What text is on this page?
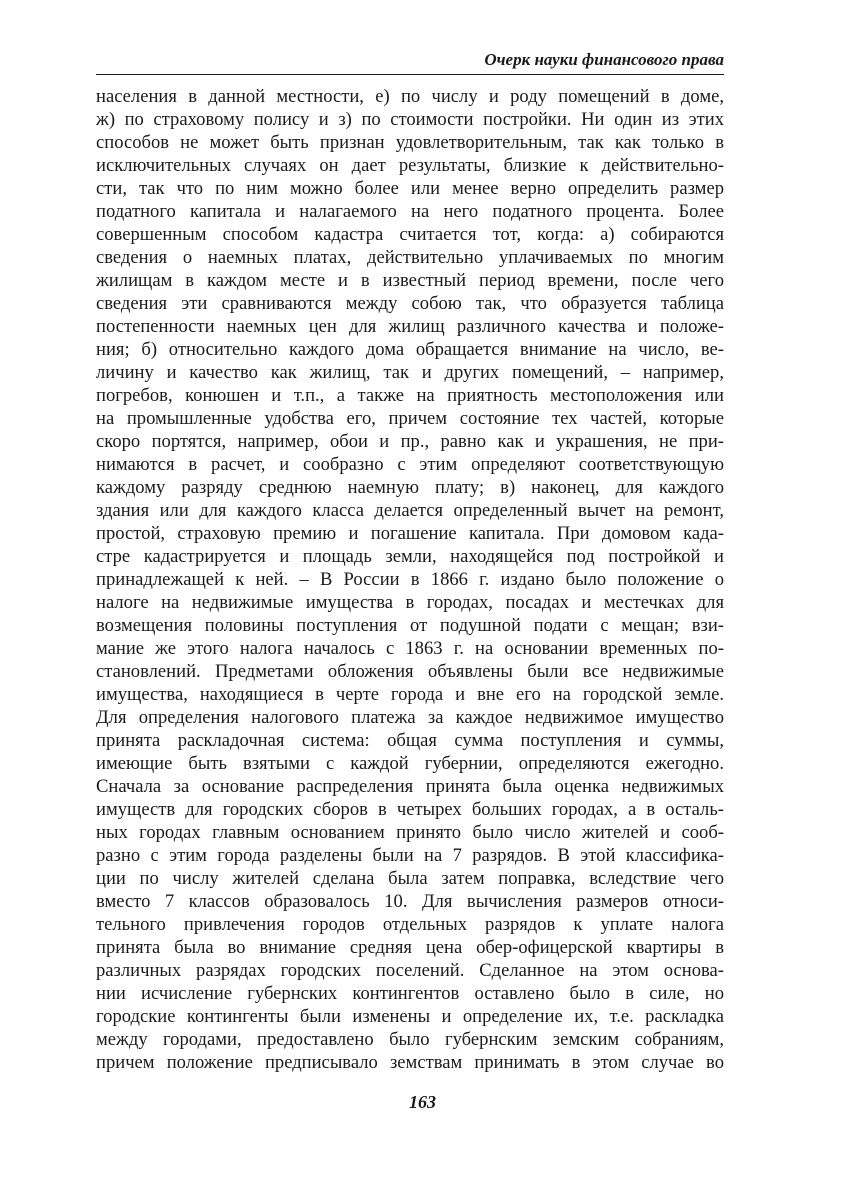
Очерк науки финансового права
населения в данной местности, е) по числу и роду помещений в доме,
ж) по страховому полису и з) по стоимости постройки. Ни один из этих
способов не может быть признан удовлетворительным, так как только в
исключительных случаях он дает результаты, близкие к действительно-
сти, так что по ним можно более или менее верно определить размер
податного капитала и налагаемого на него податного процента. Более
совершенным способом кадастра считается тот, когда: а) собираются
сведения о наемных платах, действительно уплачиваемых по многим
жилищам в каждом месте и в известный период времени, после чего
сведения эти сравниваются между собою так, что образуется таблица
постепенности наемных цен для жилищ различного качества и положе-
ния; б) относительно каждого дома обращается внимание на число, ве-
личину и качество как жилищ, так и других помещений, – например,
погребов, конюшен и т.п., а также на приятность местоположения или
на промышленные удобства его, причем состояние тех частей, которые
скоро портятся, например, обои и пр., равно как и украшения, не при-
нимаются в расчет, и сообразно с этим определяют соответствующую
каждому разряду среднюю наемную плату; в) наконец, для каждого
здания или для каждого класса делается определенный вычет на ремонт,
простой, страховую премию и погашение капитала. При домовом када-
стре кадастрируется и площадь земли, находящейся под постройкой и
принадлежащей к ней. – В России в 1866 г. издано было положение о
налоге на недвижимые имущества в городах, посадах и местечках для
возмещения половины поступления от подушной подати с мещан; взи-
мание же этого налога началось с 1863 г. на основании временных по-
становлений. Предметами обложения объявлены были все недвижимые
имущества, находящиеся в черте города и вне его на городской земле.
Для определения налогового платежа за каждое недвижимое имущество
принята раскладочная система: общая сумма поступления и суммы,
имеющие быть взятыми с каждой губернии, определяются ежегодно.
Сначала за основание распределения принята была оценка недвижимых
имуществ для городских сборов в четырех больших городах, а в осталь-
ных городах главным основанием принято было число жителей и сооб-
разно с этим города разделены были на 7 разрядов. В этой классифика-
ции по числу жителей сделана была затем поправка, вследствие чего
вместо 7 классов образовалось 10. Для вычисления размеров относи-
тельного привлечения городов отдельных разрядов к уплате налога
принята была во внимание средняя цена обер-офицерской квартиры в
различных разрядах городских поселений. Сделанное на этом основа-
нии исчисление губернских контингентов оставлено было в силе, но
городские контингенты были изменены и определение их, т.е. раскладка
между городами, предоставлено было губернским земским собраниям,
причем положение предписывало земствам принимать в этом случае во
163
